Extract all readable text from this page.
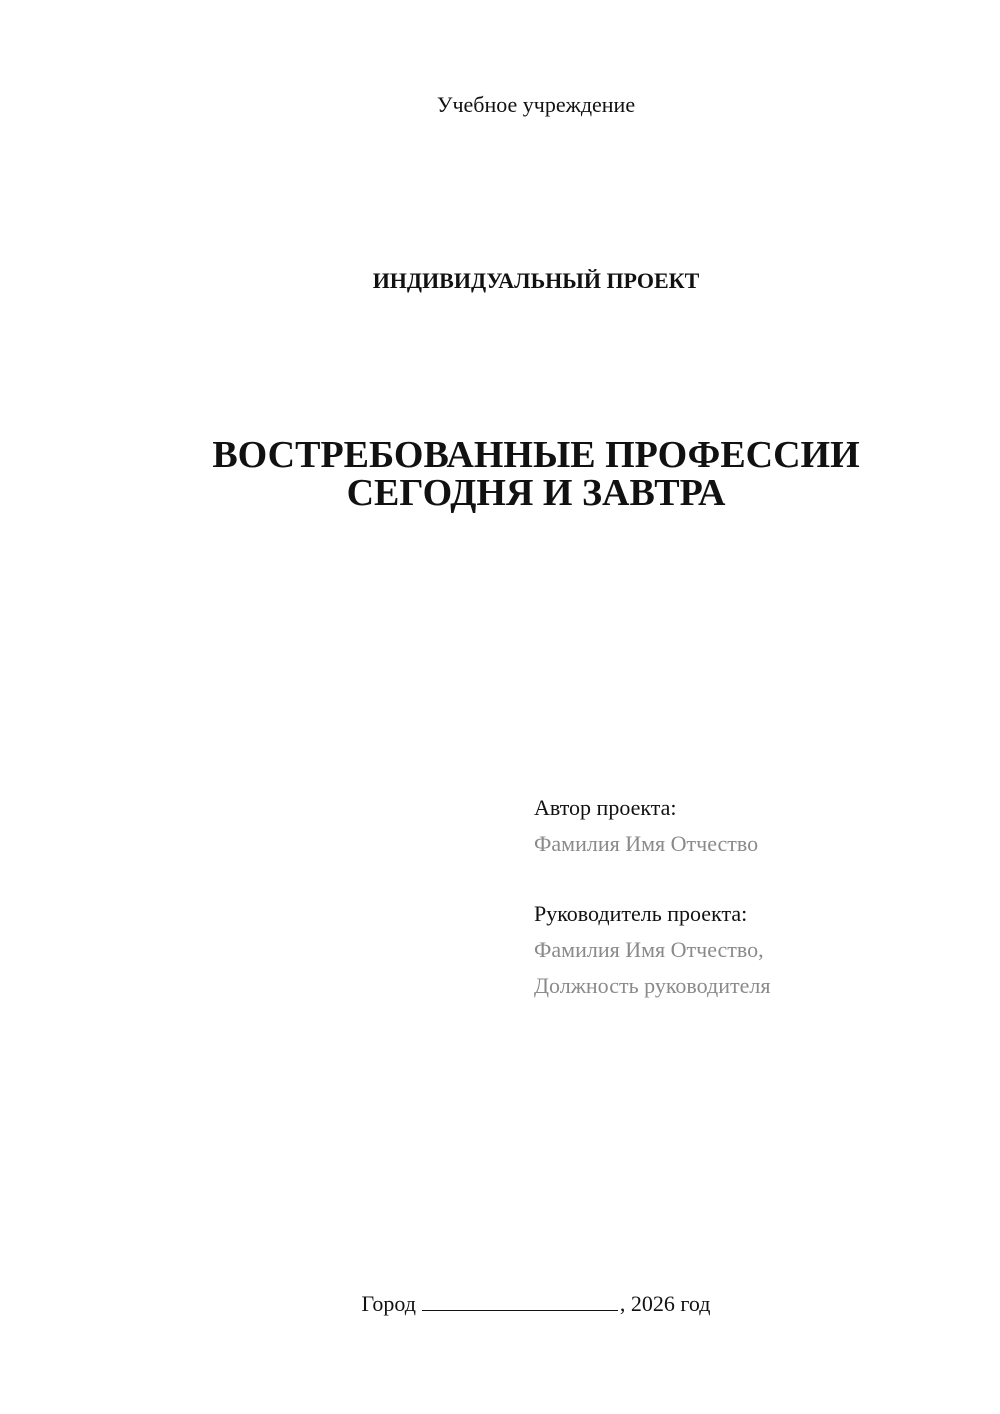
Учебное учреждение
ИНДИВИДУАЛЬНЫЙ ПРОЕКТ
ВОСТРЕБОВАННЫЕ ПРОФЕССИИ
СЕГОДНЯ И ЗАВТРА
Автор проекта:
Фамилия Имя Отчество
Руководитель проекта:
Фамилия Имя Отчество,
Должность руководителя
Город	, 2026 год
